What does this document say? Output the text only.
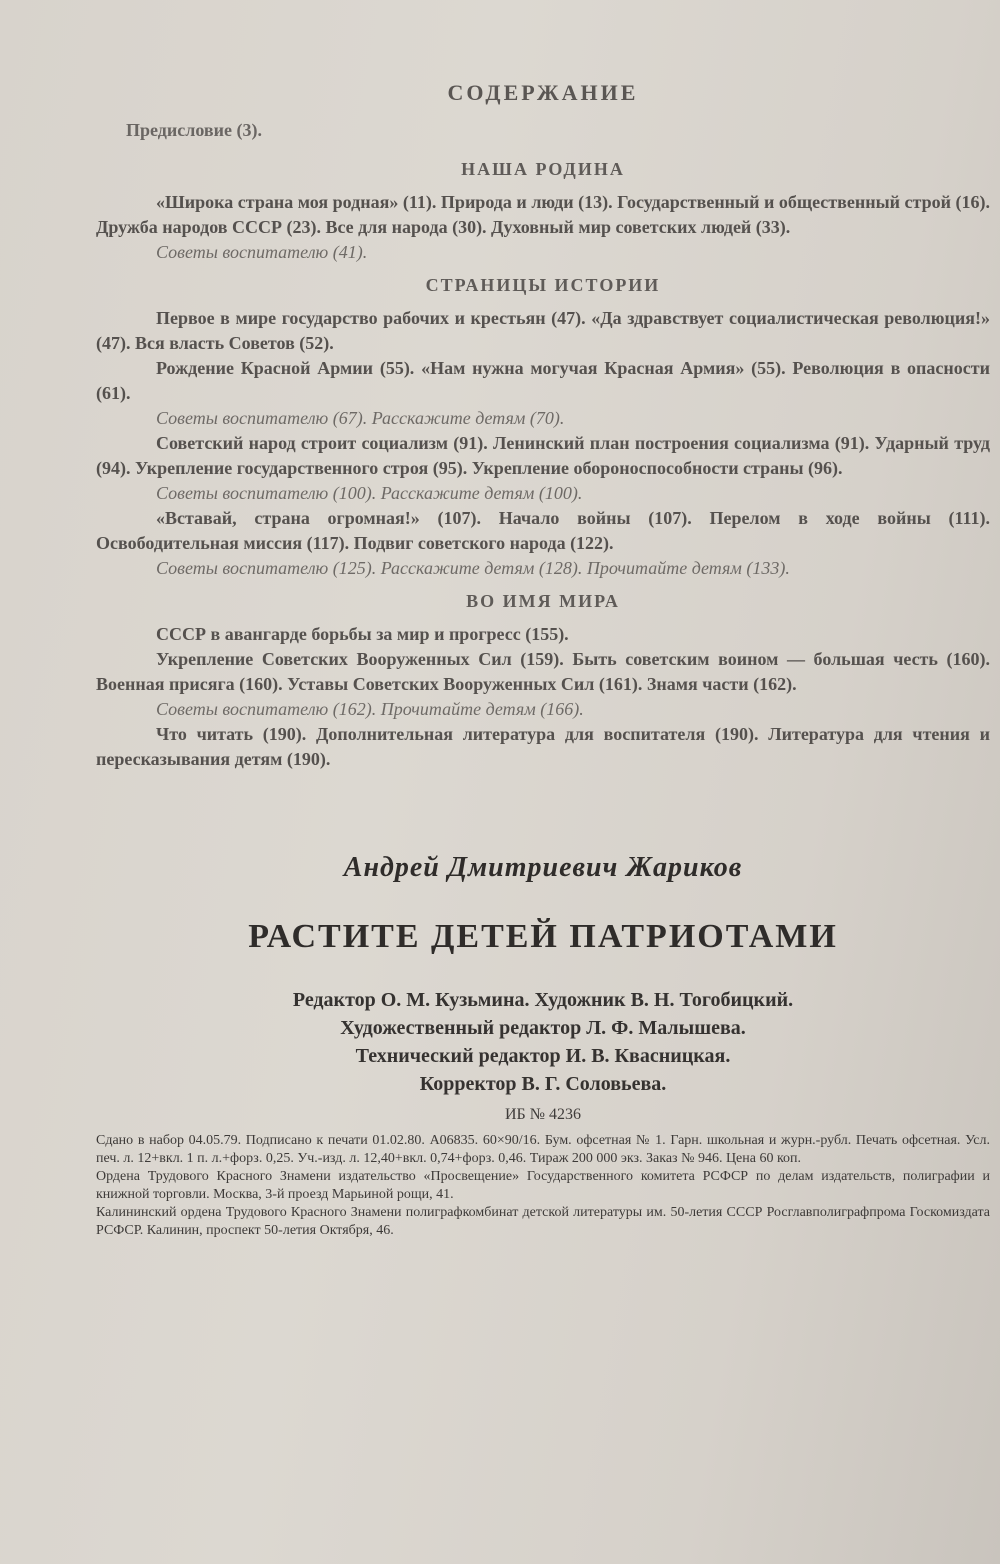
СОДЕРЖАНИЕ
Предисловие (3).
НАША РОДИНА

«Широка страна моя родная» (11). Природа и люди (13). Государственный и общественный строй (16). Дружба народов СССР (23). Все для народа (30). Духовный мир советских людей (33).

Советы воспитателю (41).

СТРАНИЦЫ ИСТОРИИ

Первое в мире государство рабочих и крестьян (47). «Да здравствует социалистическая революция!» (47). Вся власть Советов (52).

Рождение Красной Армии (55). «Нам нужна могучая Красная Армия» (55). Революция в опасности (61).

Советы воспитателю (67). Расскажите детям (70).

Советский народ строит социализм (91). Ленинский план построения социализма (91). Ударный труд (94). Укрепление государственного строя (95). Укрепление обороноспособности страны (96).

Советы воспитателю (100). Расскажите детям (100).

«Вставай, страна огромная!» (107). Начало войны (107). Перелом в ходе войны (111). Освободительная миссия (117). Подвиг советского народа (122).

Советы воспитателю (125). Расскажите детям (128). Прочитайте детям (133).

ВО ИМЯ МИРА

СССР в авангарде борьбы за мир и прогресс (155).

Укрепление Советских Вооруженных Сил (159). Быть советским воином — большая честь (160). Военная присяга (160). Уставы Советских Вооруженных Сил (161). Знамя части (162).

Советы воспитателю (162). Прочитайте детям (166).

Что читать (190). Дополнительная литература для воспитателя (190). Литература для чтения и пересказывания детям (190).

Андрей Дмитриевич Жариков
РАСТИТЕ ДЕТЕЙ ПАТРИОТАМИ
Редактор О. М. Кузьмина. Художник В. Н. Тогобицкий.
Художественный редактор Л. Ф. Малышева.
Технический редактор И. В. Квасницкая.
Корректор В. Г. Соловьева.
ИБ № 4236

Сдано в набор 04.05.79. Подписано к печати 01.02.80. А06835. 60×90/16. Бум. офсетная № 1. Гарн. школьная и журн.-рубл. Печать офсетная. Усл. печ. л. 12+вкл. 1 п. л.+форз. 0,25. Уч.-изд. л. 12,40+вкл. 0,74+форз. 0,46. Тираж 200 000 экз. Заказ № 946. Цена 60 коп.

Ордена Трудового Красного Знамени издательство «Просвещение» Государственного комитета РСФСР по делам издательств, полиграфии и книжной торговли. Москва, 3-й проезд Марьиной рощи, 41.

Калининский ордена Трудового Красного Знамени полиграфкомбинат детской литературы им. 50-летия СССР Росглавполиграфпрома Госкомиздата РСФСР. Калинин, проспект 50-летия Октября, 46.
